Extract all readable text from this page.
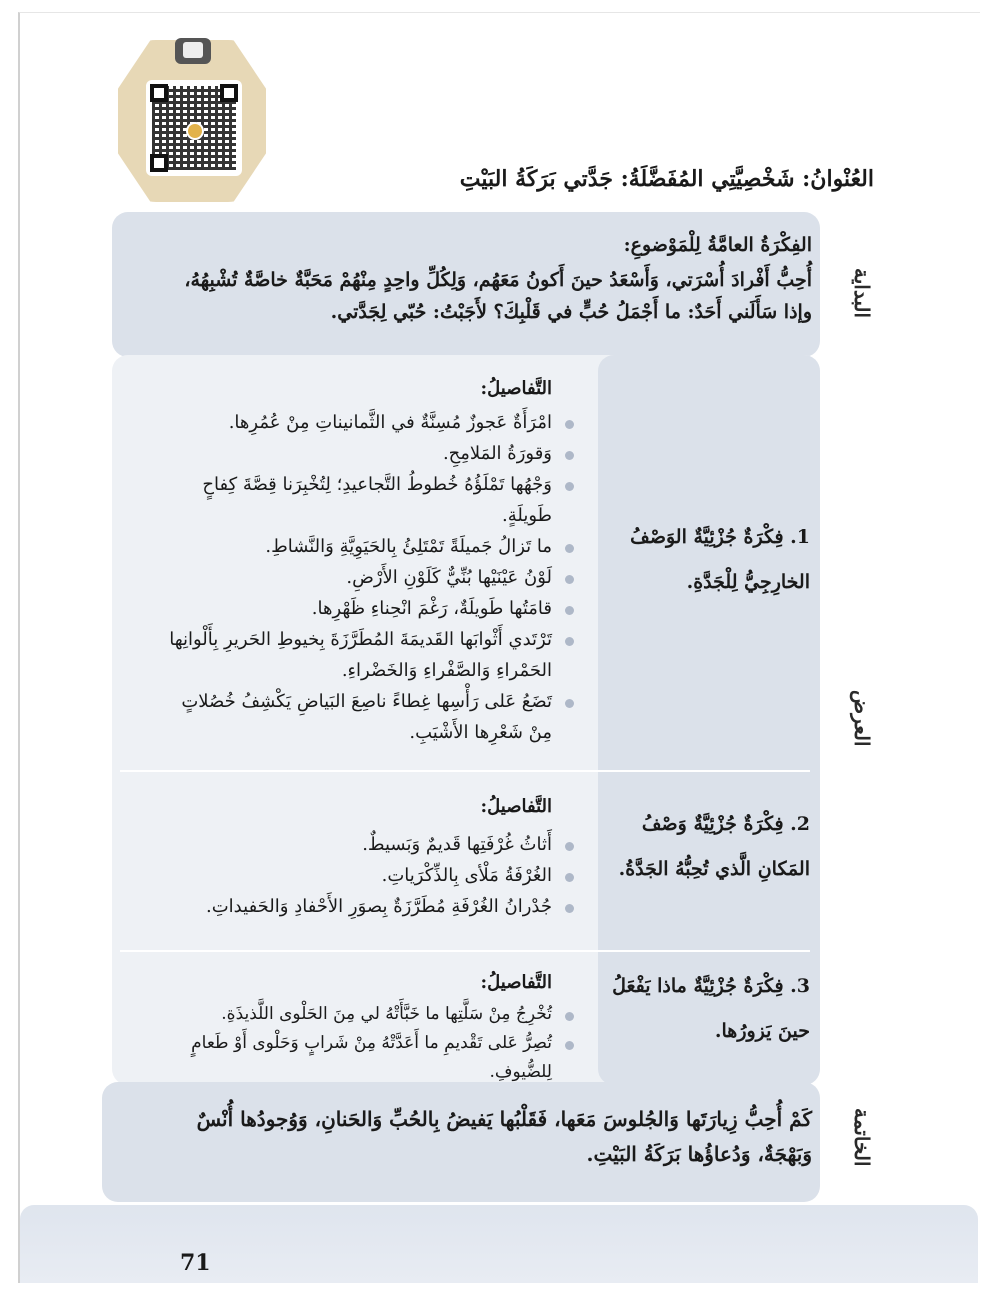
العُنْوانُ: شَخْصِيَّتِي المُفَضَّلَةُ: جَدَّتي بَرَكَةُ البَيْتِ
البداية
الفِكْرَةُ العامَّةُ لِلْمَوْضوعِ:
أُحِبُّ أَفْرادَ أُسْرَتي، وَأَسْعَدُ حينَ أَكونُ مَعَهُم، وَلِكُلِّ واحِدٍ مِنْهُمْ مَحَبَّةٌ خاصَّةٌ تُشْبِهُهُ، وإذا سَأَلَني أَحَدٌ: ما أَجْمَلُ حُبٍّ في قَلْبِكَ؟ لأَجَبْتُ: حُبّي لِجَدَّتي.
العرض
1. فِكْرَةٌ جُزْئِيَّةٌ الوَصْفُ الخارِجِيُّ لِلْجَدَّةِ.
التَّفاصيلُ:
امْرَأَةٌ عَجوزٌ مُسِنَّةٌ في الثَّمانيناتِ مِنْ عُمُرِها.
وَقورَةُ المَلامِحِ.
وَجْهُها تَمْلَؤُهُ خُطوطُ التَّجاعيدِ؛ لِتُخْبِرَنا قِصَّةَ كِفاحٍ طَويلَةٍ.
ما تَزالُ جَميلَةً تَمْتَلِئُ بِالحَيَوِيَّةِ وَالنَّشاطِ.
لَوْنُ عَيْنَيْها بُنِّيٌّ كَلَوْنِ الأَرْضِ.
قامَتُها طَويلَةٌ، رَغْمَ انْحِناءِ ظَهْرِها.
تَرْتَدي أَثْوابَها القَديمَةَ المُطَرَّزَةَ بِخيوطِ الحَريرِ بِأَلْوانِها الحَمْراءِ وَالصَّفْراءِ وَالخَضْراءِ.
تَضَعُ عَلى رَأْسِها غِطاءً ناصِعَ البَياضِ يَكْشِفُ خُصُلاتٍ مِنْ شَعْرِها الأَشْيَبِ.
2. فِكْرَةٌ جُزْئِيَّةٌ وَصْفُ المَكانِ الَّذي تُحِبُّهُ الجَدَّةُ.
التَّفاصيلُ:
أَثاثُ غُرْفَتِها قَديمٌ وَبَسيطٌ.
الغُرْفَةُ مَلْأى بِالذِّكْرَياتِ.
جُدْرانُ الغُرْفَةِ مُطَرَّزَةٌ بِصوَرِ الأَحْفادِ وَالحَفيداتِ.
3. فِكْرَةٌ جُزْئِيَّةٌ ماذا يَفْعَلُ حينَ يَزورُها.
التَّفاصيلُ:
تُخْرِجُ مِنْ سَلَّتِها ما خَبَّأَتْهُ لي مِنَ الحَلْوى اللَّذيذَةِ.
تُصِرُّ عَلى تَقْديمِ ما أَعَدَّتْهُ مِنْ شَرابٍ وَحَلْوى أَوْ طَعامٍ لِلضُّيوفِ.
الخاتمة
كَمْ أُحِبُّ زِيارَتَها وَالجُلوسَ مَعَها، فَقَلْبُها يَفيضُ بِالحُبِّ وَالحَنانِ، وَوُجودُها أُنْسٌ وَبَهْجَةٌ، وَدُعاؤُها بَرَكَةُ البَيْتِ.
71
